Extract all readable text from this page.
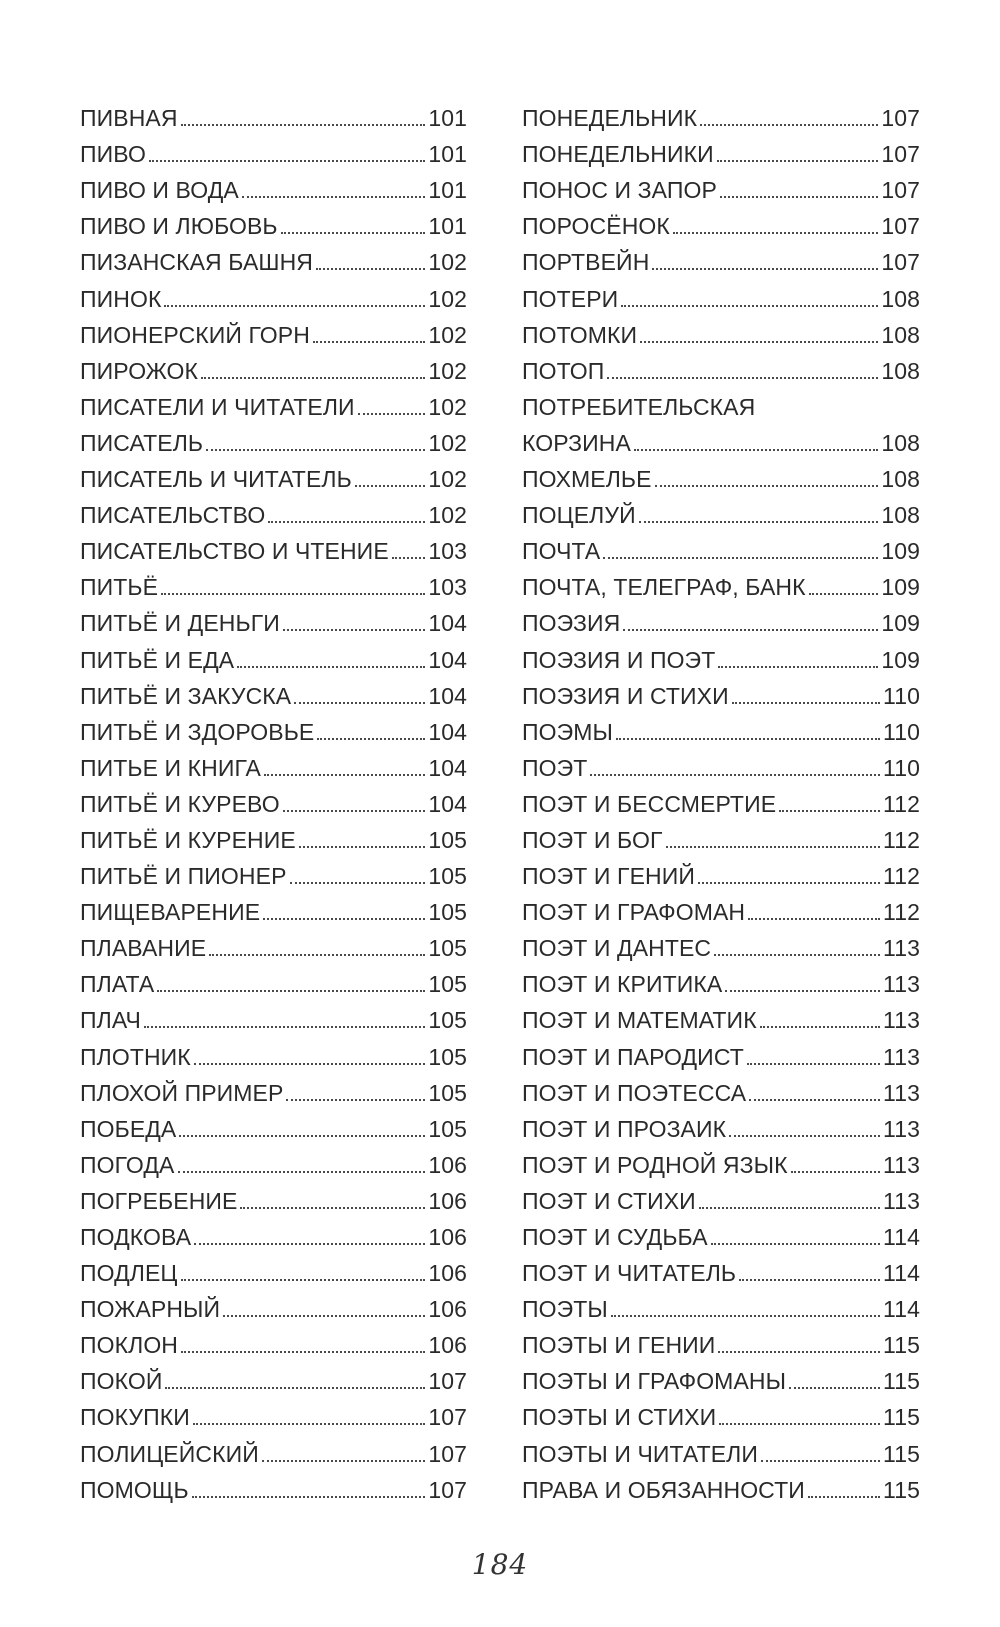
ПИВНАЯ	101
ПИВО	101
ПИВО И ВОДА	101
ПИВО И ЛЮБОВЬ	101
ПИЗАНСКАЯ БАШНЯ	102
ПИНОК	102
ПИОНЕРСКИЙ ГОРН	102
ПИРОЖОК	102
ПИСАТЕЛИ И ЧИТАТЕЛИ	102
ПИСАТЕЛЬ	102
ПИСАТЕЛЬ И ЧИТАТЕЛЬ	102
ПИСАТЕЛЬСТВО	102
ПИСАТЕЛЬСТВО И ЧТЕНИЕ 103
ПИТЬЁ	103
ПИТЬЁ И ДЕНЬГИ	104
ПИТЬЁ И ЕДА	104
ПИТЬЁ И ЗАКУСКА	104
ПИТЬЁ И ЗДОРОВЬЕ	104
ПИТЬЕ И КНИГА	104
ПИТЬЁ И КУРЕВО	104
ПИТЬЁ И КУРЕНИЕ	105
ПИТЬЁ И ПИОНЕР	105
ПИЩЕВАРЕНИЕ	105
ПЛАВАНИЕ	105
ПЛАТА	105
ПЛАЧ	105
ПЛОТНИК	105
ПЛОХОЙ ПРИМЕР	105
ПОБЕДА	105
ПОГОДА	106
ПОГРЕБЕНИЕ	106
ПОДКОВА	106
ПОДЛЕЦ	106
ПОЖАРНЫЙ	106
ПОКЛОН	106
ПОКОЙ	107
ПОКУПКИ	107
ПОЛИЦЕЙСКИЙ	107
ПОМОЩЬ	107
ПОНЕДЕЛЬНИК	107
ПОНЕДЕЛЬНИКИ	107
ПОНОС И ЗАПОР	107
ПОРОСЁНОК	107
ПОРТВЕЙН	107
ПОТЕРИ	108
ПОТОМКИ	108
ПОТОП	108
ПОТРЕБИТЕЛЬСКАЯ
КОРЗИНА	108
ПОХМЕЛЬЕ	108
ПОЦЕЛУЙ	108
ПОЧТА	109
ПОЧТА, ТЕЛЕГРАФ, БАНК	109
ПОЭЗИЯ	109
ПОЭЗИЯ И ПОЭТ	109
ПОЭЗИЯ И СТИХИ	110
ПОЭМЫ	110
ПОЭТ	110
ПОЭТ И БЕССМЕРТИЕ	112
ПОЭТ И БОГ	112
ПОЭТ И ГЕНИЙ	112
ПОЭТ И ГРАФОМАН	112
ПОЭТ И ДАНТЕС	113
ПОЭТ И КРИТИКА	113
ПОЭТ И МАТЕМАТИК	113
ПОЭТ И ПАРОДИСТ	113
ПОЭТ И ПОЭТЕССА	113
ПОЭТ И ПРОЗАИК	113
ПОЭТ И РОДНОЙ ЯЗЫК	113
ПОЭТ И СТИХИ	113
ПОЭТ И СУДЬБА	114
ПОЭТ И ЧИТАТЕЛЬ	114
ПОЭТЫ	114
ПОЭТЫ И ГЕНИИ	115
ПОЭТЫ И ГРАФОМАНЫ	115
ПОЭТЫ И СТИХИ	115
ПОЭТЫ И ЧИТАТЕЛИ	115
ПРАВА И ОБЯЗАННОСТИ	115
184
